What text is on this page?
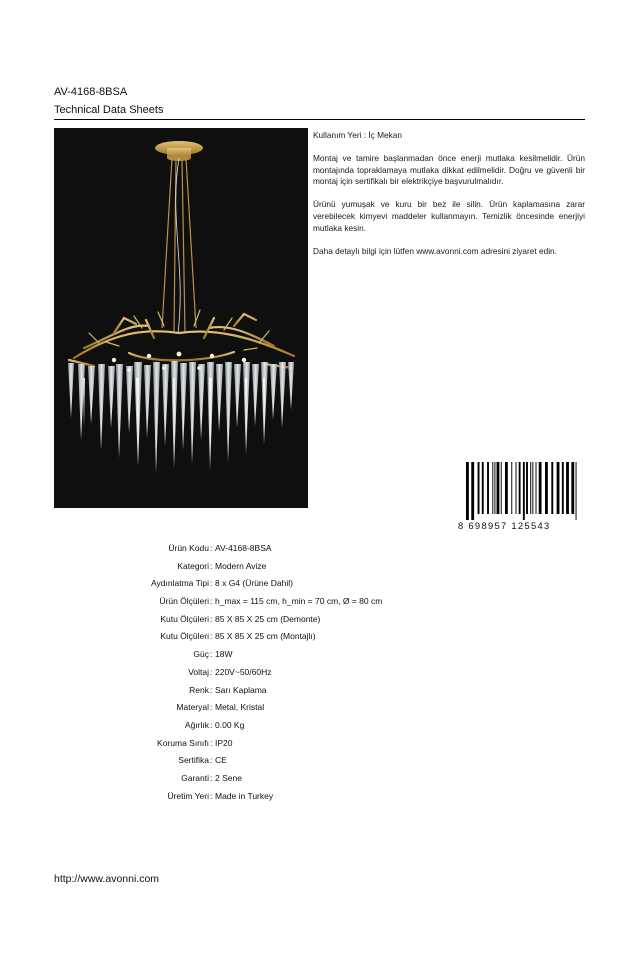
AV-4168-8BSA
Technical Data Sheets

Kullanım Yeri : İç Mekan

Montaj ve tamire başlanmadan önce enerji mutlaka kesilmelidir. Ürün montajında topraklamaya mutlaka dikkat edilmelidir. Doğru ve güvenli bir montaj için sertifikalı bir elektrikçiye başvurulmalıdır.

Ürünü yumuşak ve kuru bir bez ile silin. Ürün kaplamasına zarar verebilecek kimyevi maddeler kullanmayın. Temizlik öncesinde enerjiyi mutlaka kesin.

Daha detaylı bilgi için lütfen www.avonni.com adresini ziyaret edin.

8 698957 125543
Ürün Kodu : AV-4168-8BSA
Kategori : Modern Avize
Aydınlatma Tipi : 8 x G4 (Ürüne Dahil)
Ürün Ölçüleri : h_max = 115 cm, h_min = 70 cm, Ø = 80 cm
Kutu Ölçüleri : 85 X 85 X 25 cm (Demonte)
Kutu Ölçüleri : 85 X 85 X 25 cm (Montajlı)
Güç : 18W
Voltaj : 220V~50/60Hz
Renk : Sarı Kaplama
Materyal : Metal, Kristal
Ağırlık : 0.00 Kg
Koruma Sınıfı : IP20
Sertifika : CE
Garanti : 2 Sene
Üretim Yeri : Made in Turkey
http://www.avonni.com
